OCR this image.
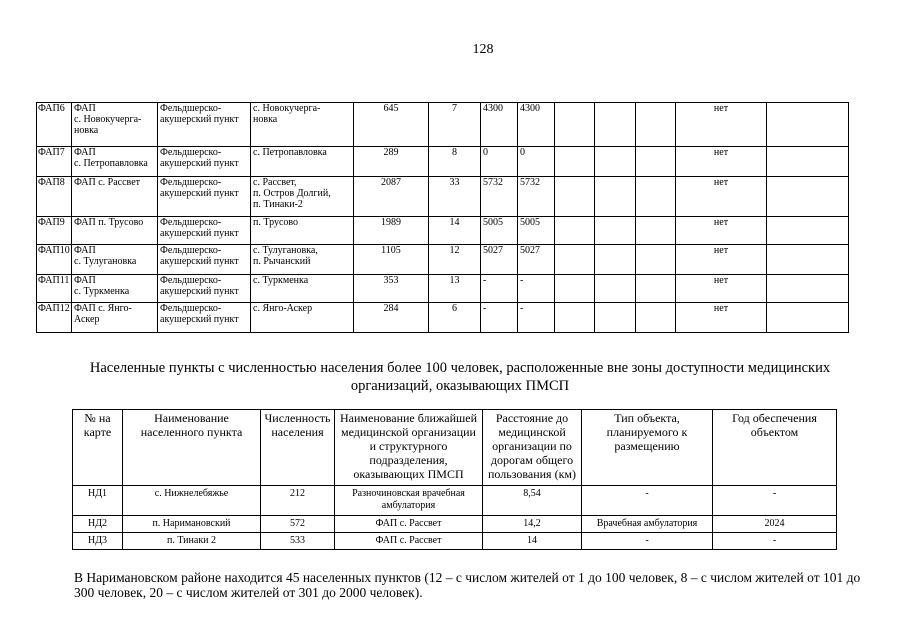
128
ФАП6	ФАП
с. Новокучерга-
новка	Фельдшерско-
акушерский пункт	с. Новокучерга-
новка	645	7	4300	4300				нет	
ФАП7	ФАП
с. Петропавловка	Фельдшерско-
акушерский пункт	с. Петропавловка	289	8	0	0				нет	
ФАП8	ФАП с. Рассвет	Фельдшерско-
акушерский пункт	с. Рассвет,
п. Остров Долгий,
п. Тинаки-2	2087	33	5732	5732				нет	
ФАП9	ФАП п. Трусово	Фельдшерско-
акушерский пункт	п. Трусово	1989	14	5005	5005				нет	
ФАП10	ФАП
с. Тулугановка	Фельдшерско-
акушерский пункт	с. Тулугановка,
п. Рычанский	1105	12	5027	5027				нет	
ФАП11	ФАП
с. Туркменка	Фельдшерско-
акушерский пункт	с. Туркменка	353	13	-	-				нет	
ФАП12	ФАП с. Янго-
Аскер	Фельдшерско-
акушерский пункт	с. Янго-Аскер	284	6	-	-				нет	
Населенные пункты с численностью населения более 100 человек, расположенные вне зоны доступности медицинских организаций, оказывающих ПМСП
№ на карте	Наименование населенного пункта	Численность населения	Наименование ближайшей медицинской организации и структурного подразделения, оказывающих ПМСП	Расстояние до медицинской организации по дорогам общего пользования (км)	Тип объекта, планируемого к размещению	Год обеспечения объектом
НД1	с. Нижнелебяжье	212	Разночиновская врачебная амбулатория	8,54	-	-
НД2	п. Наримановский	572	ФАП с. Рассвет	14,2	Врачебная амбулатория	2024
НД3	п. Тинаки 2	533	ФАП с. Рассвет	14	-	-
В Наримановском районе находится 45 населенных пунктов (12 – с числом жителей от 1 до 100 человек, 8 – с числом жителей от 101 до 300 человек, 20 – с числом жителей от 301 до 2000 человек).
